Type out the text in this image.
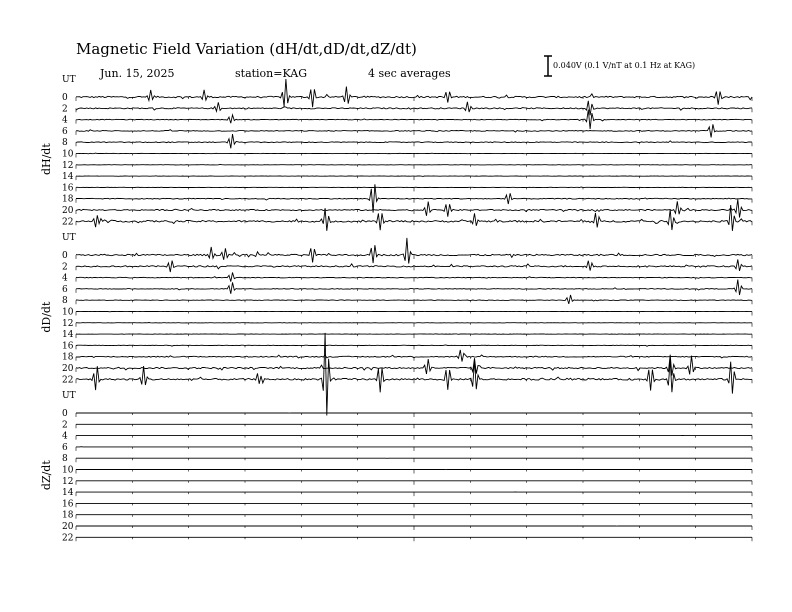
Magnetic Field Variation (dH/dt,dD/dt,dZ/dt)
Jun. 15, 2025	station=KAG	4 sec averages
0.040V (0.1 V/nT at 0.1 Hz at KAG)
UT
dH/dt
0
2
4
6
8
10
12
14
16
18
20
22
UT
dD/dt
0
2
4
6
8
10
12
14
16
18
20
22
UT
dZ/dt
0
2
4
6
8
10
12
14
16
18
20
22
